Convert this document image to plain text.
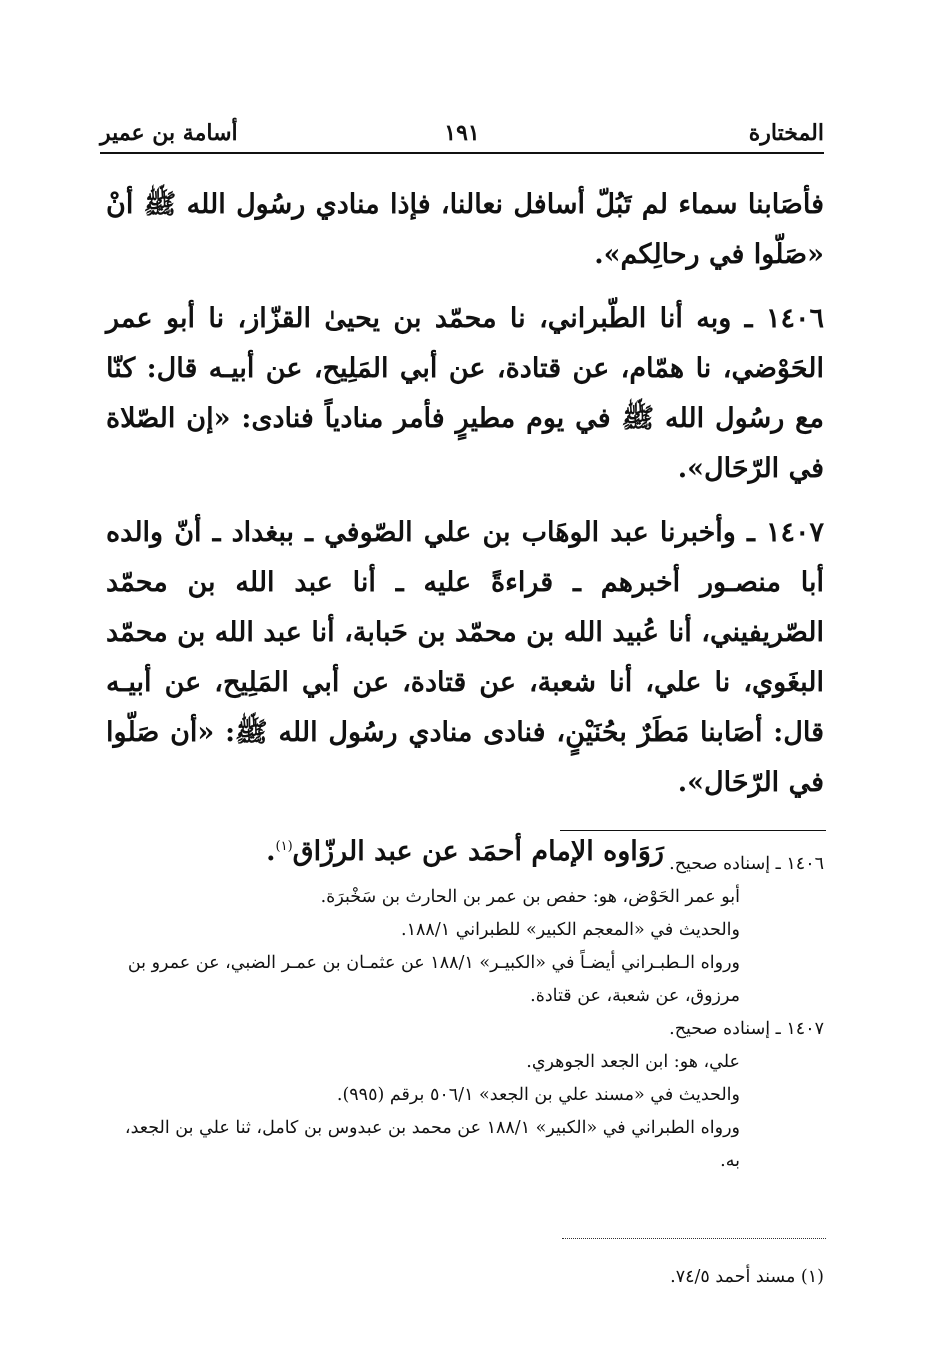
المختارة
١٩١
أسامة بن عمير

فأصَابنا سماء لم تَبُلّ أسافل نعالنا، فإذا منادي رسُول الله ﷺ أنْ «صَلّوا في رحالِكم».

١٤٠٦ ـ وبه أنا الطّبراني، نا محمّد بن يحيىٰ القزّاز، نا أبو عمر الحَوْضي، نا همّام، عن قتادة، عن أبي المَلِيح، عن أبيـه قال: كنّا مع رسُول الله ﷺ في يوم مطيرٍ فأمر منادياً فنادى: «إن الصّلاة في الرّحَال».

١٤٠٧ ـ وأخبرنا عبد الوهَاب بن علي الصّوفي ـ ببغداد ـ أنّ والده أبا منصـور أخبرهم ـ قراءةً عليه ـ أنا عبد الله بن محمّد الصّريفيني، أنا عُبيد الله بن محمّد بن حَبابة، أنا عبد الله بن محمّد البغَوي، نا علي، أنا شعبة، عن قتادة، عن أبي المَلِيح، عن أبيـه قال: أصَابنا مَطَرٌ بحُنَيْنٍ، فنادى منادي رسُول الله ﷺ: «أن صَلّوا في الرّحَال».

رَوَاوه الإمام أحمَد عن عبد الرزّاق$^{(١)}$.	١٤٠٦ ـ إسناده صحيح.

أبو عمر الحَوْض، هو: حفص بن عمر بن الحارث بن سَخْبرَة.

والحديث في «المعجم الكبير» للطبراني ١٨٨/١.

ورواه الـطبـراني أيضـاً في «الكبيـر» ١٨٨/١ عن عثمـان بن عمـر الضبي، عن عمرو بن مرزوق، عن شعبة، عن قتادة.

١٤٠٧ ـ إسناده صحيح.

علي، هو: ابن الجعد الجوهري.

والحديث في «مسند علي بن الجعد» ٥٠٦/١ برقم (٩٩٥).

ورواه الطبراني في «الكبير» ١٨٨/١ عن محمد بن عبدوس بن كامل، ثنا علي بن الجعد، به.

(١) مسند أحمد ٧٤/٥.
